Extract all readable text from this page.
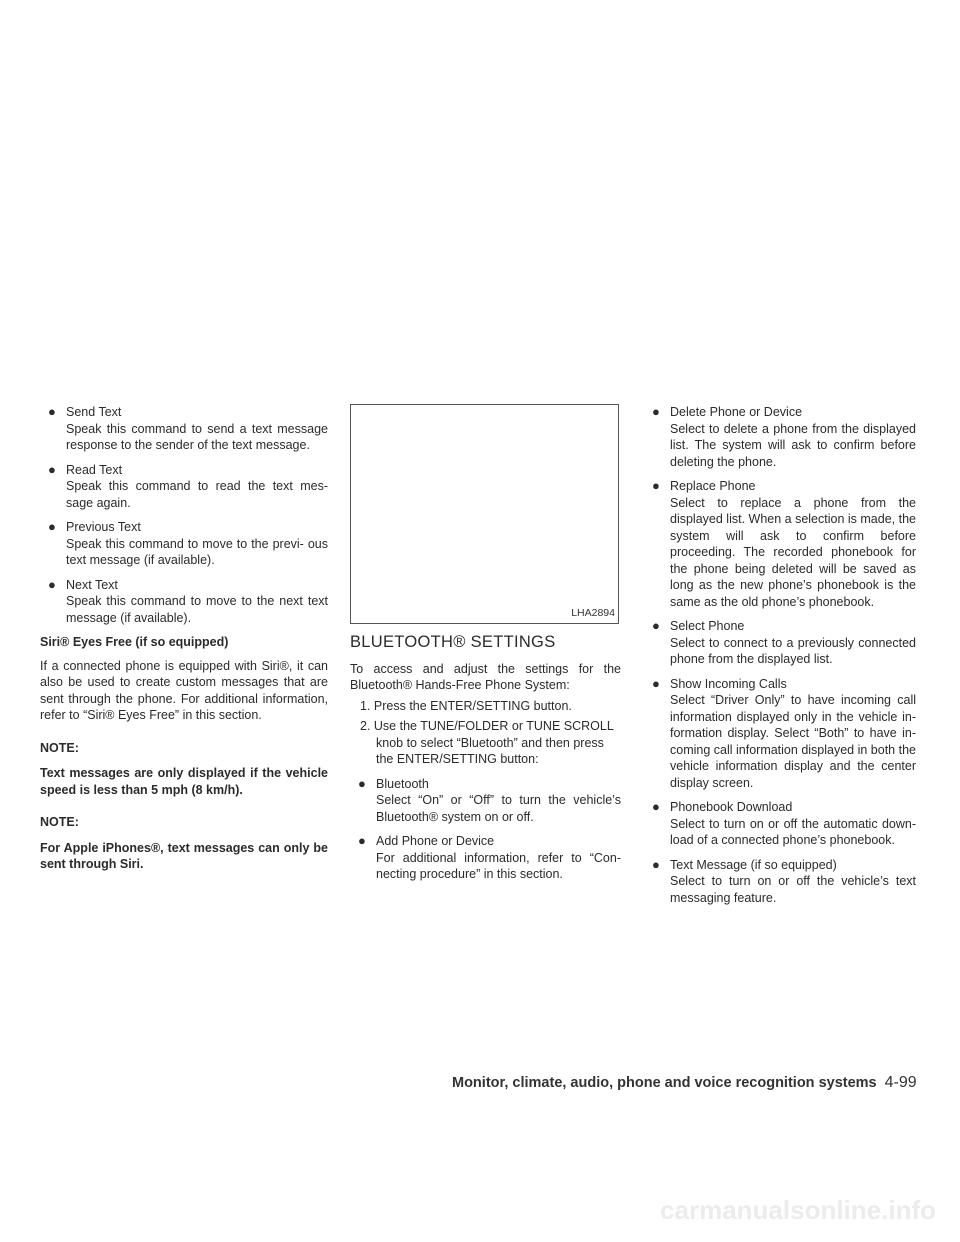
● Send Text
Speak this command to send a text message response to the sender of the text message.
● Read Text
Speak this command to read the text mes- sage again.
● Previous Text
Speak this command to move to the previ- ous text message (if available).
● Next Text
Speak this command to move to the next text message (if available).
Siri® Eyes Free (if so equipped)

If a connected phone is equipped with Siri®, it can also be used to create custom messages that are sent through the phone. For additional information, refer to “Siri® Eyes Free” in this section.

NOTE:

Text messages are only displayed if the vehicle speed is less than 5 mph (8 km/h).

NOTE:

For Apple iPhones®, text messages can only be sent through Siri.

LHA2894
BLUETOOTH® SETTINGS

To access and adjust the settings for the Bluetooth® Hands-Free Phone System:

1. Press the ENTER/SETTING button.
2. Use the TUNE/FOLDER or TUNE SCROLL knob to select “Bluetooth” and then press the ENTER/SETTING button:
● Bluetooth
Select “On” or “Off” to turn the vehicle’s Bluetooth® system on or off.
● Add Phone or Device
For additional information, refer to “Con- necting procedure” in this section.
● Delete Phone or Device
Select to delete a phone from the displayed list. The system will ask to confirm before deleting the phone.
● Replace Phone
Select to replace a phone from the displayed list. When a selection is made, the system will ask to confirm before proceeding. The recorded phonebook for the phone being deleted will be saved as long as the new phone’s phonebook is the same as the old phone’s phonebook.
● Select Phone
Select to connect to a previously connected phone from the displayed list.
● Show Incoming Calls
Select “Driver Only” to have incoming call information displayed only in the vehicle in- formation display. Select “Both” to have in- coming call information displayed in both the vehicle information display and the center display screen.
● Phonebook Download
Select to turn on or off the automatic down- load of a connected phone’s phonebook.
● Text Message (if so equipped)
Select to turn on or off the vehicle’s text messaging feature.
Monitor, climate, audio, phone and voice recognition systems 4-99
carmanualsonline.info
